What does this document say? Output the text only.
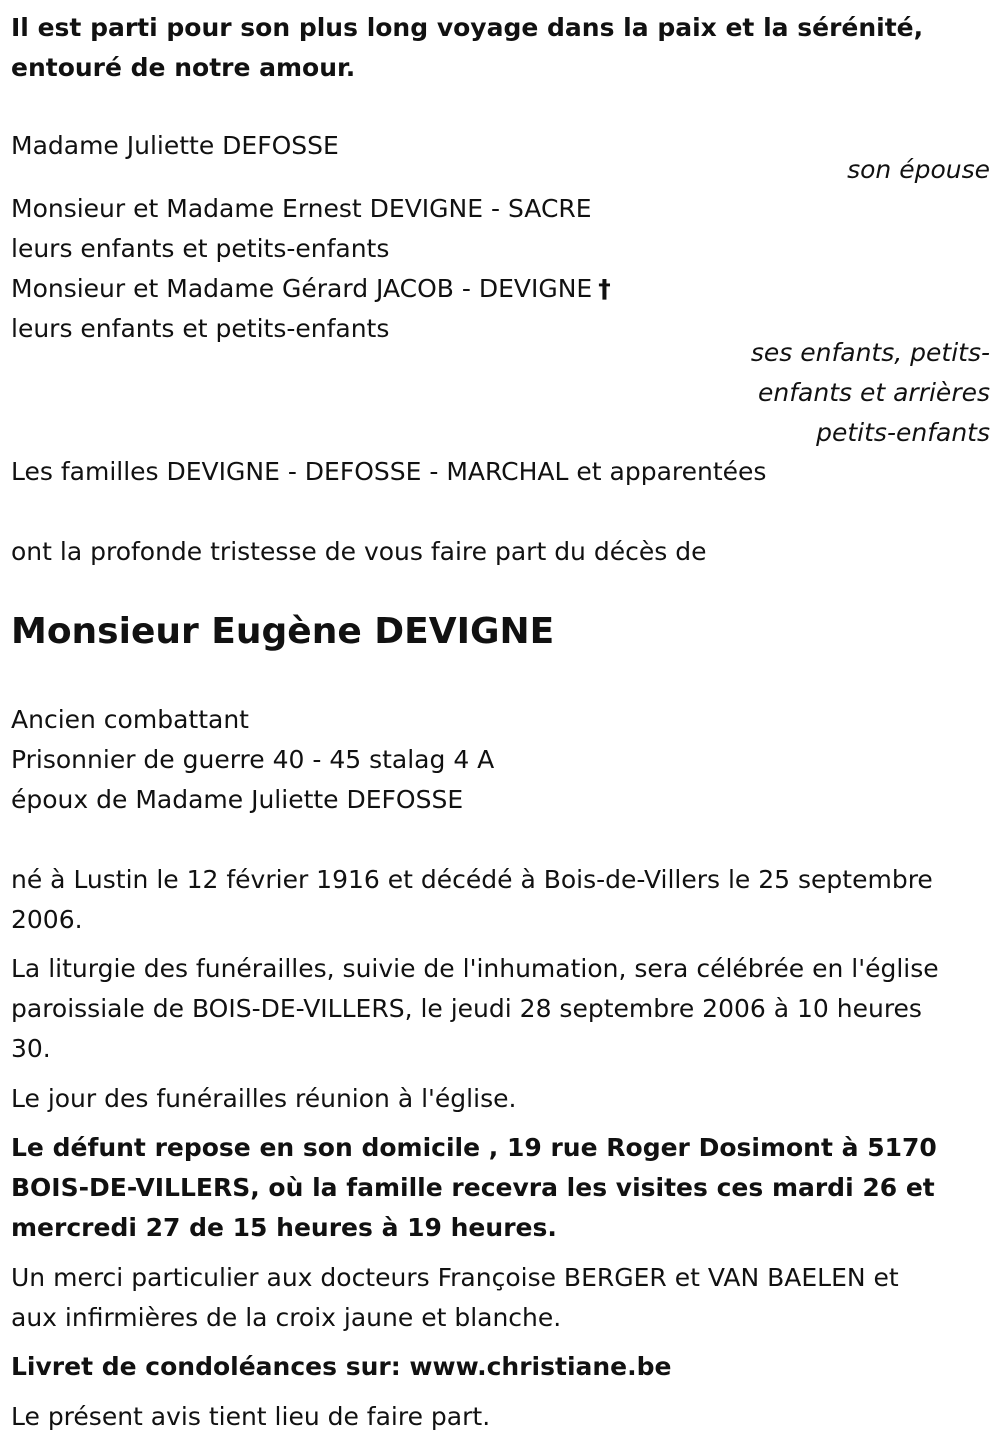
Il est parti pour son plus long voyage dans la paix et la sérénité,
entouré de notre amour.
Madame Juliette DEFOSSE
son épouse
Monsieur et Madame Ernest DEVIGNE - SACRE
leurs enfants et petits-enfants
Monsieur et Madame Gérard JACOB - DEVIGNE †
leurs enfants et petits-enfants
ses enfants, petits-
enfants et arrières
petits-enfants
Les familles DEVIGNE - DEFOSSE - MARCHAL et apparentées
ont la profonde tristesse de vous faire part du décès de
Monsieur Eugène DEVIGNE
Ancien combattant
Prisonnier de guerre 40 - 45 stalag 4 A
époux de Madame Juliette DEFOSSE
né à Lustin le 12 février 1916 et décédé à Bois-de-Villers le 25 septembre
2006.
La liturgie des funérailles, suivie de l'inhumation, sera célébrée en l'église
paroissiale de BOIS-DE-VILLERS, le jeudi 28 septembre 2006 à 10 heures
30.
Le jour des funérailles réunion à l'église.
Le défunt repose en son domicile , 19 rue Roger Dosimont à 5170
BOIS-DE-VILLERS, où la famille recevra les visites ces mardi 26 et
mercredi 27 de 15 heures à 19 heures.
Un merci particulier aux docteurs Françoise BERGER et VAN BAELEN et
aux infirmières de la croix jaune et blanche.
Livret de condoléances sur: www.christiane.be
Le présent avis tient lieu de faire part.
